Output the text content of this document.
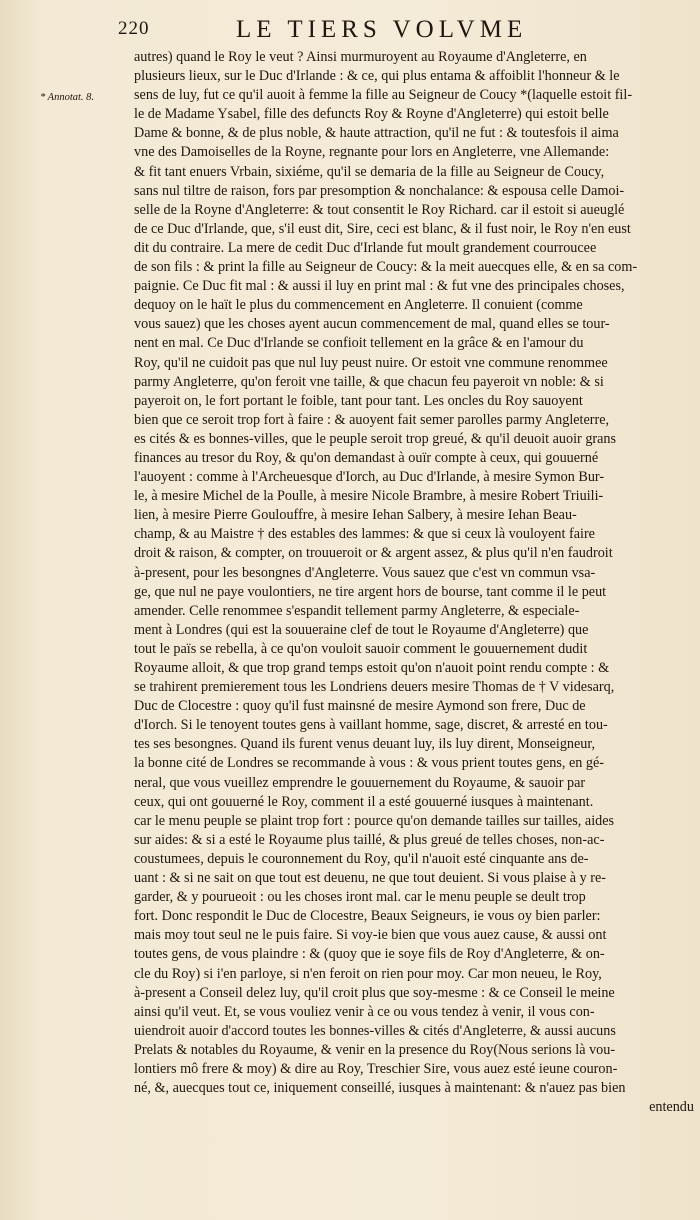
220	LE TIERS VOLVME
autres) quand le Roy le veut ? Ainsi murmuroyent au Royaume d'Angleterre, en
plusieurs lieux, sur le Duc d'Irlande : & ce, qui plus entama & affoiblit l'honneur & le
sens de luy, fut ce qu'il auoit à femme la fille au Seigneur de Coucy *(laquelle estoit fil-
le de Madame Ysabel, fille des defuncts Roy & Royne d'Angleterre) qui estoit belle
Dame & bonne, & de plus noble, & haute attraction, qu'il ne fut : & toutesfois il aima
vne des Damoiselles de la Royne, regnante pour lors en Angleterre, vne Allemande:
& fit tant enuers Vrbain, sixiéme, qu'il se demaria de la fille au Seigneur de Coucy,
sans nul tiltre de raison, fors par presomption & nonchalance: & espousa celle Damoi-
selle de la Royne d'Angleterre: & tout consentit le Roy Richard. car il estoit si aueuglé
de ce Duc d'Irlande, que, s'il eust dit, Sire, ceci est blanc, & il fust noir, le Roy n'en eust
dit du contraire. La mere de cedit Duc d'Irlande fut moult grandement courroucee
de son fils : & print la fille au Seigneur de Coucy: & la meit auecques elle, & en sa com-
paignie. Ce Duc fit mal : & aussi il luy en print mal : & fut vne des principales choses,
dequoy on le haït le plus du commencement en Angleterre. Il conuient (comme
vous sauez) que les choses ayent aucun commencement de mal, quand elles se tour-
nent en mal. Ce Duc d'Irlande se confioit tellement en la grâce & en l'amour du
Roy, qu'il ne cuidoit pas que nul luy peust nuire. Or estoit vne commune renommee
parmy Angleterre, qu'on feroit vne taille, & que chacun feu payeroit vn noble: & si
payeroit on, le fort portant le foible, tant pour tant. Les oncles du Roy sauoyent
bien que ce seroit trop fort à faire : & auoyent fait semer parolles parmy Angleterre,
es cités & es bonnes-villes, que le peuple seroit trop greué, & qu'il deuoit auoir grans
finances au tresor du Roy, & qu'on demandast à ouïr compte à ceux, qui gouuerné
l'auoyent : comme à l'Archeuesque d'Iorch, au Duc d'Irlande, à mesire Symon Bur-
le, à mesire Michel de la Poulle, à mesire Nicole Brambre, à mesire Robert Triuili-
lien, à mesire Pierre Goulouffre, à mesire Iehan Salbery, à mesire Iehan Beau-
champ, & au Maistre † des estables des lammes: & que si ceux là vouloyent faire
droit & raison, & compter, on trouueroit or & argent assez, & plus qu'il n'en faudroit
à-present, pour les besongnes d'Angleterre. Vous sauez que c'est vn commun vsa-
ge, que nul ne paye voulontiers, ne tire argent hors de bourse, tant comme il le peut
amender. Celle renommee s'espandit tellement parmy Angleterre, & especiale-
ment à Londres (qui est la souueraine clef de tout le Royaume d'Angleterre) que
tout le païs se rebella, à ce qu'on vouloit sauoir comment le gouuernement dudit
Royaume alloit, & que trop grand temps estoit qu'on n'auoit point rendu compte : &
se trahirent premierement tous les Londriens deuers mesire Thomas de † V videsarq,
Duc de Clocestre : quoy qu'il fust mainsné de mesire Aymond son frere, Duc de
d'Iorch. Si le tenoyent toutes gens à vaillant homme, sage, discret, & arresté en tou-
tes ses besongnes. Quand ils furent venus deuant luy, ils luy dirent, Monseigneur,
la bonne cité de Londres se recommande à vous : & vous prient toutes gens, en gé-
neral, que vous vueillez emprendre le gouuernement du Royaume, & sauoir par
ceux, qui ont gouuerné le Roy, comment il a esté gouuerné iusques à maintenant.
car le menu peuple se plaint trop fort : pource qu'on demande tailles sur tailles, aides
sur aides: & si a esté le Royaume plus taillé, & plus greué de telles choses, non-ac-
coustumees, depuis le couronnement du Roy, qu'il n'auoit esté cinquante ans de-
uant : & si ne sait on que tout est deuenu, ne que tout deuient. Si vous plaise à y re-
garder, & y pourueoit : ou les choses iront mal. car le menu peuple se deult trop
fort. Donc respondit le Duc de Clocestre, Beaux Seigneurs, ie vous oy bien parler:
mais moy tout seul ne le puis faire. Si voy-ie bien que vous auez cause, & aussi ont
toutes gens, de vous plaindre : & (quoy que ie soye fils de Roy d'Angleterre, & on-
cle du Roy) si i'en parloye, si n'en feroit on rien pour moy. Car mon neueu, le Roy,
à-present a Conseil delez luy, qu'il croit plus que soy-mesme : & ce Conseil le meine
ainsi qu'il veut. Et, se vous vouliez venir à ce ou vous tendez à venir, il vous con-
uiendroit auoir d'accord toutes les bonnes-villes & cités d'Angleterre, & aussi aucuns
Prelats & notables du Royaume, & venir en la presence du Roy(Nous serions là vou-
lontiers mô frere & moy) & dire au Roy, Treschier Sire, vous auez esté ieune couron-
né, &, auecques tout ce, iniquement conseillé, iusques à maintenant: & n'auez pas bien
entendu
* Annotat. 8.
